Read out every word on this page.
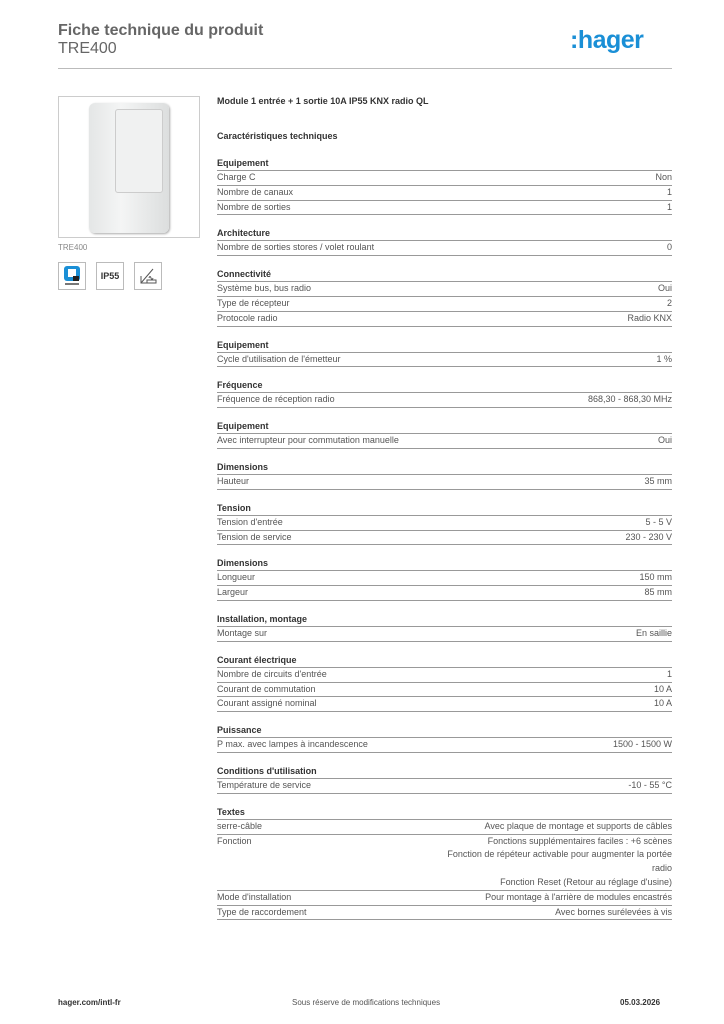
Fiche technique du produit
TRE400	:hager
TRE400
IP55
Module 1 entrée + 1 sortie 10A IP55 KNX radio QL
Caractéristiques techniques
Equipement
Charge C	Non
Nombre de canaux	1
Nombre de sorties	1
Architecture
Nombre de sorties stores / volet roulant	0
Connectivité
Système bus, bus radio	Oui
Type de récepteur	2
Protocole radio	Radio KNX
Equipement
Cycle d'utilisation de l'émetteur	1 %
Fréquence
Fréquence de réception radio	868,30 - 868,30 MHz
Equipement
Avec interrupteur pour commutation manuelle	Oui
Dimensions
Hauteur	35 mm
Tension
Tension d'entrée	5 - 5 V
Tension de service	230 - 230 V
Dimensions
Longueur	150 mm
Largeur	85 mm
Installation, montage
Montage sur	En saillie
Courant électrique
Nombre de circuits d'entrée	1
Courant de commutation	10 A
Courant assigné nominal	10 A
Puissance
P max. avec lampes à incandescence	1500 - 1500 W
Conditions d'utilisation
Température de service	-10 - 55 °C
Textes
serre-câble	Avec plaque de montage et supports de câbles
Fonction	Fonctions supplémentaires faciles : +6 scènes
Fonction de répéteur activable pour augmenter la portée radio
Fonction Reset (Retour au réglage d'usine)
Mode d'installation	Pour montage à l'arrière de modules encastrés
Type de raccordement	Avec bornes surélevées à vis
hager.com/intl-fr	Sous réserve de modifications techniques	05.03.2026
